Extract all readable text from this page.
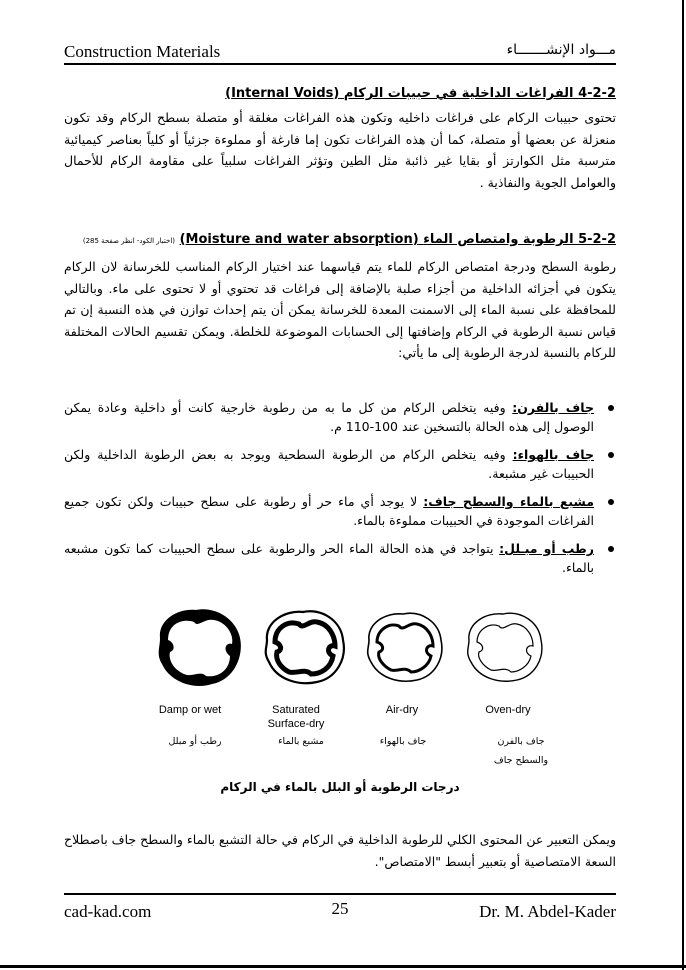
Construction Materials	مـــواد الإنشـــــــاء
4-2-2 الفراغات الداخلية في حبيبات الركام (Internal Voids)
تحتوى حبيبات الركام على فراغات داخليه وتكون هذه الفراغات مغلقة أو متصلة بسطح الركام وقد تكون منعزلة عن بعضها أو متصلة، كما أن هذه الفراغات تكون إما فارغة أو مملوءة جزئياً أو كلياً بعناصر كيميائية مترسبة مثل الكوارتز أو بقايا غير ذائبة مثل الطين وتؤثر الفراغات سلبياً على مقاومة الركام للأحمال والعوامل الجوية والنفاذية .
5-2-2 الرطوبة وامتصاص الماء (Moisture and water absorption) (اختبار الكود- انظر صفحة 285)
رطوبة السطح ودرجة امتصاص الركام للماء يتم قياسهما عند اختيار الركام المناسب للخرسانة لان الركام يتكون في أجزائه الداخلية من أجزاء صلبة بالإضافة إلى فراغات قد تحتوي أو لا تحتوى على ماء. وبالتالي للمحافظة على نسبة الماء إلى الاسمنت المعدة للخرسانة يمكن أن يتم إحداث توازن في هذه النسبة إن تم قياس نسبة الرطوبة في الركام وإضافتها إلى الحسابات الموضوعة للخلطة. ويمكن تقسيم الحالات المختلفة للركام بالنسبة لدرجة الرطوبة إلى ما يأتي:
جاف بالفرن: وفيه يتخلص الركام من كل ما به من رطوبة خارجية كانت أو داخلية وعادة يمكن الوصول إلى هذه الحالة بالتسخين عند 100-110 م.
جاف بالهواء: وفيه يتخلص الركام من الرطوبة السطحية ويوجد به بعض الرطوبة الداخلية ولكن الحبيبات غير مشبعة.
مشبع بالماء والسطح جاف: لا يوجد أي ماء حر أو رطوبة على سطح حبيبات ولكن تكون جميع الفراغات الموجودة في الحبيبات مملوءة بالماء.
رطب أو مبـلل: يتواجد في هذه الحالة الماء الحر والرطوبة على سطح الحبيبات كما تكون مشبعه بالماء.
Damp or wet	Saturated Surface-dry
Air-dry	Oven-dry
رطب أو مبلل	مشبع بالماء	جاف بالهواء	جاف بالفرن والسطح جاف
درجات الرطوبة أو البلل بالماء في الركام
ويمكن التعبير عن المحتوى الكلي للرطوبة الداخلية في الركام في حالة التشبع بالماء والسطح جاف باصطلاح السعة الامتصاصية أو بتعبير أبسط "الامتصاص".
cad-kad.com	25	Dr. M. Abdel-Kader
